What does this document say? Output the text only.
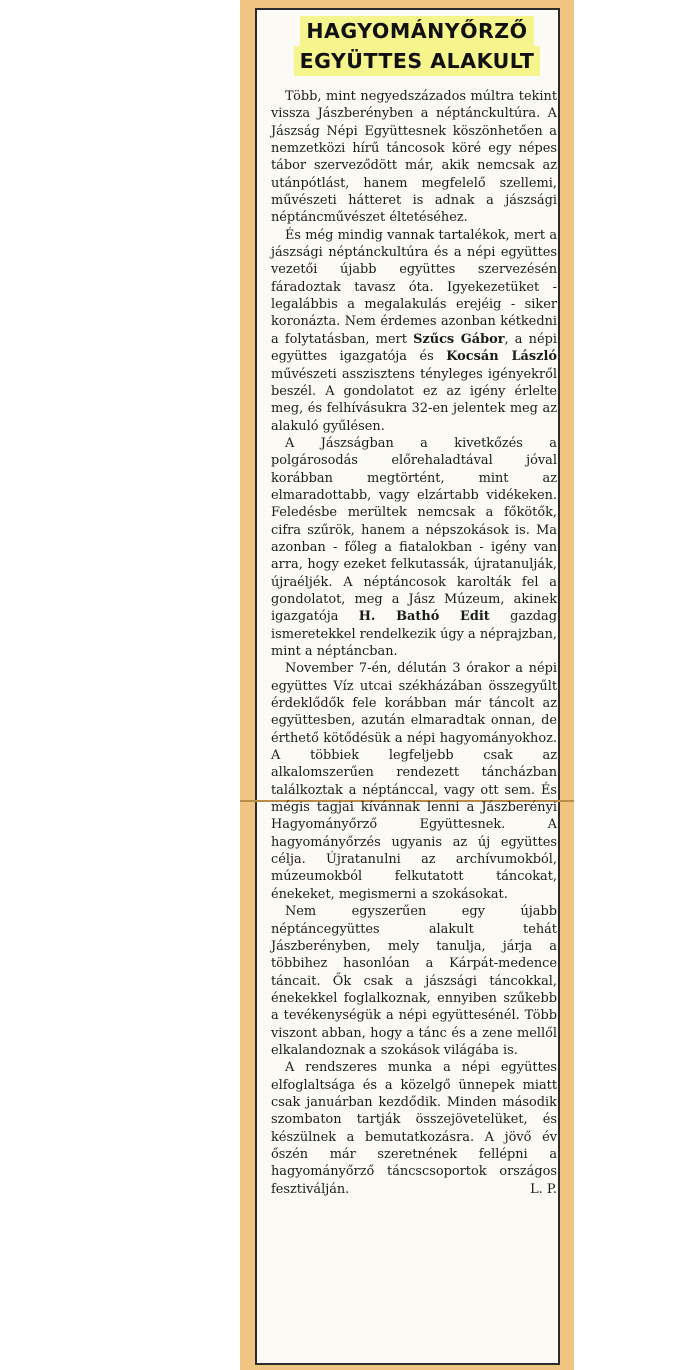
HAGYOMÁNYŐRZŐ
EGYÜTTES ALAKULT

Több, mint negyedszázados múltra tekint vissza Jászberényben a néptánckultúra. A Jászság Népi Együttesnek köszönhetően a nemzetközi hírű táncosok köré egy népes tábor szerveződött már, akik nemcsak az utánpótlást, hanem megfelelő szellemi, művészeti hátteret is adnak a jászsági néptáncművészet éltetéséhez.

És még mindig vannak tartalékok, mert a jászsági néptánckultúra és a népi együttes vezetői újabb együttes szervezésén fáradoztak tavasz óta. Igyekezetüket - legalábbis a megalakulás erejéig - siker koronázta. Nem érdemes azonban kétkedni a folytatásban, mert Szűcs Gábor, a népi együttes igazgatója és Kocsán László művészeti asszisztens tényleges igényekről beszél. A gondolatot ez az igény érlelte meg, és felhívásukra 32-en jelentek meg az alakuló gyűlésen.

A Jászságban a kivetkőzés a polgárosodás előrehaladtával jóval korábban megtörtént, mint az elmaradottabb, vagy elzártabb vidékeken. Feledésbe merültek nemcsak a főkötők, cifra szűrök, hanem a népszokások is. Ma azonban - főleg a fiatalokban - igény van arra, hogy ezeket felkutassák, újratanulják, újraéljék. A néptáncosok karolták fel a gondolatot, meg a Jász Múzeum, akinek igazgatója H. Bathó Edit gazdag ismeretekkel rendelkezik úgy a néprajzban, mint a néptáncban.

November 7-én, délután 3 órakor a népi együttes Víz utcai székházában összegyűlt érdeklődők fele korábban már táncolt az együttesben, azután elmaradtak onnan, de érthető kötődésük a népi hagyományokhoz. A többiek legfeljebb csak az alkalomszerűen rendezett táncházban találkoztak a néptánccal, vagy ott sem. És mégis tagjai kívánnak lenni a Jászberényi Hagyományőrző Együttesnek. A hagyományőrzés ugyanis az új együttes célja. Újratanulni az archívumokból, múzeumokból felkutatott táncokat, énekeket, megismerni a szokásokat.

Nem egyszerűen egy újabb néptáncegyüttes alakult tehát Jászberényben, mely tanulja, járja a többihez hasonlóan a Kárpát-medence táncait. Ők csak a jászsági táncokkal, énekekkel foglalkoznak, ennyiben szűkebb a tevékenységük a népi együttesénél. Több viszont abban, hogy a tánc és a zene mellől elkalandoznak a szokások világába is.

A rendszeres munka a népi együttes elfoglaltsága és a közelgő ünnepek miatt csak januárban kezdődik. Minden második szombaton tartják összejövetelüket, és készülnek a bemutatkozásra. A jövő év őszén már szeretnének fellépni a hagyományőrző táncscsoportok országos fesztiválján.	L. P.
